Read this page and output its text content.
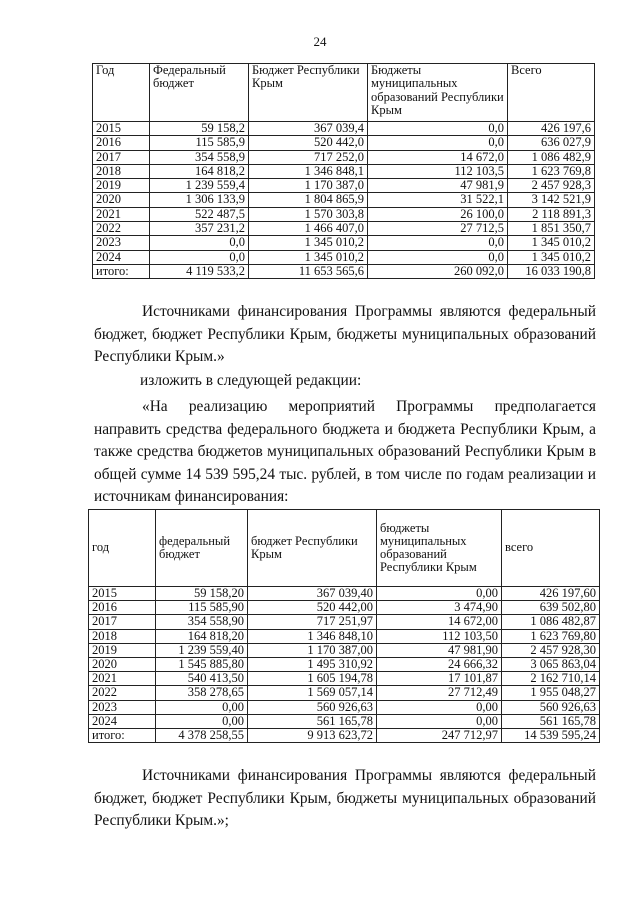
24
Год	Федеральный бюджет	Бюджет Республики Крым	Бюджеты муниципальных образований Республики Крым	Всего
2015	59 158,2	367 039,4	0,0	426 197,6
2016	115 585,9	520 442,0	0,0	636 027,9
2017	354 558,9	717 252,0	14 672,0	1 086 482,9
2018	164 818,2	1 346 848,1	112 103,5	1 623 769,8
2019	1 239 559,4	1 170 387,0	47 981,9	2 457 928,3
2020	1 306 133,9	1 804 865,9	31 522,1	3 142 521,9
2021	522 487,5	1 570 303,8	26 100,0	2 118 891,3
2022	357 231,2	1 466 407,0	27 712,5	1 851 350,7
2023	0,0	1 345 010,2	0,0	1 345 010,2
2024	0,0	1 345 010,2	0,0	1 345 010,2
итого:	4 119 533,2	11 653 565,6	260 092,0	16 033 190,8
Источниками финансирования Программы являются федеральный бюджет, бюджет Республики Крым, бюджеты муниципальных образований Республики Крым.»
изложить в следующей редакции:
«На реализацию мероприятий Программы предполагается направить средства федерального бюджета и бюджета Республики Крым, а также средства бюджетов муниципальных образований Республики Крым в общей сумме 14 539 595,24 тыс. рублей, в том числе по годам реализации и источникам финансирования:
год	федеральный бюджет	бюджет Республики Крым	бюджеты муниципальных образований Республики Крым	всего
2015	59 158,20	367 039,40	0,00	426 197,60
2016	115 585,90	520 442,00	3 474,90	639 502,80
2017	354 558,90	717 251,97	14 672,00	1 086 482,87
2018	164 818,20	1 346 848,10	112 103,50	1 623 769,80
2019	1 239 559,40	1 170 387,00	47 981,90	2 457 928,30
2020	1 545 885,80	1 495 310,92	24 666,32	3 065 863,04
2021	540 413,50	1 605 194,78	17 101,87	2 162 710,14
2022	358 278,65	1 569 057,14	27 712,49	1 955 048,27
2023	0,00	560 926,63	0,00	560 926,63
2024	0,00	561 165,78	0,00	561 165,78
итого:	4 378 258,55	9 913 623,72	247 712,97	14 539 595,24
Источниками финансирования Программы являются федеральный бюджет, бюджет Республики Крым, бюджеты муниципальных образований Республики Крым.»;
